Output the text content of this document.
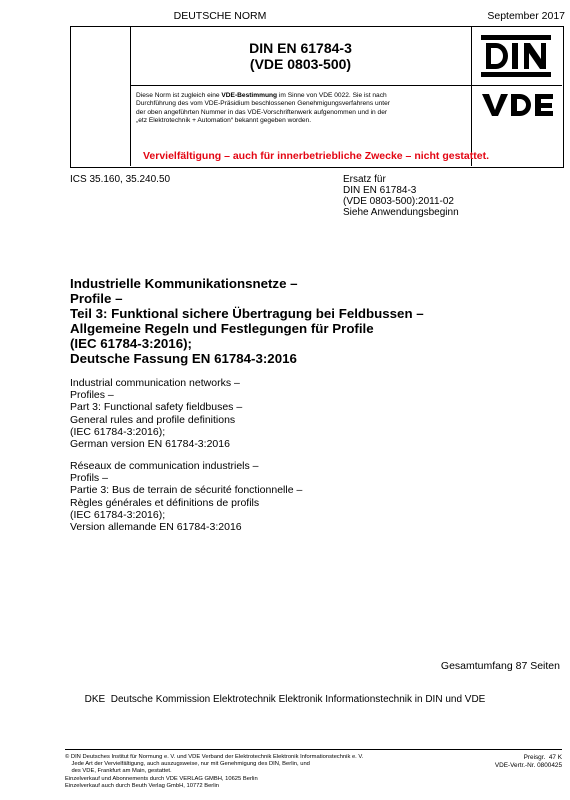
DEUTSCHE NORM	September 2017
DIN EN 61784-3
(VDE 0803-500)
Diese Norm ist zugleich eine VDE-Bestimmung im Sinne von VDE 0022. Sie ist nach
Durchführung des vom VDE-Präsidium beschlossenen Genehmigungsverfahrens unter
der oben angeführten Nummer in das VDE-Vorschriftenwerk aufgenommen und in der
„etz Elektrotechnik + Automation“ bekannt gegeben worden.
Vervielfältigung – auch für innerbetriebliche Zwecke – nicht gestattet.
ICS 35.160, 35.240.50	Ersatz für
DIN EN 61784-3
(VDE 0803-500):2011-02
Siehe Anwendungsbeginn
Industrielle Kommunikationsnetze –
Profile –
Teil 3: Funktional sichere Übertragung bei Feldbussen –
Allgemeine Regeln und Festlegungen für Profile
(IEC 61784-3:2016);
Deutsche Fassung EN 61784-3:2016
Industrial communication networks –
Profiles –
Part 3: Functional safety fieldbuses –
General rules and profile definitions
(IEC 61784-3:2016);
German version EN 61784-3:2016
Réseaux de communication industriels –
Profils –
Partie 3: Bus de terrain de sécurité fonctionnelle –
Règles générales et définitions de profils
(IEC 61784-3:2016);
Version allemande EN 61784-3:2016
Gesamtumfang 87 Seiten
DKE  Deutsche Kommission Elektrotechnik Elektronik Informationstechnik in DIN und VDE
© DIN Deutsches Institut für Normung e. V. und VDE Verband der Elektrotechnik Elektronik Informationstechnik e. V.
Jede Art der Vervielfältigung, auch auszugsweise, nur mit Genehmigung des DIN, Berlin, und
des VDE, Frankfurt am Main, gestattet.
Einzelverkauf und Abonnements durch VDE VERLAG GMBH, 10625 Berlin
Einzelverkauf auch durch Beuth Verlag GmbH, 10772 Berlin
Preisgr.  47 K
VDE-Vertr.-Nr. 0800425
